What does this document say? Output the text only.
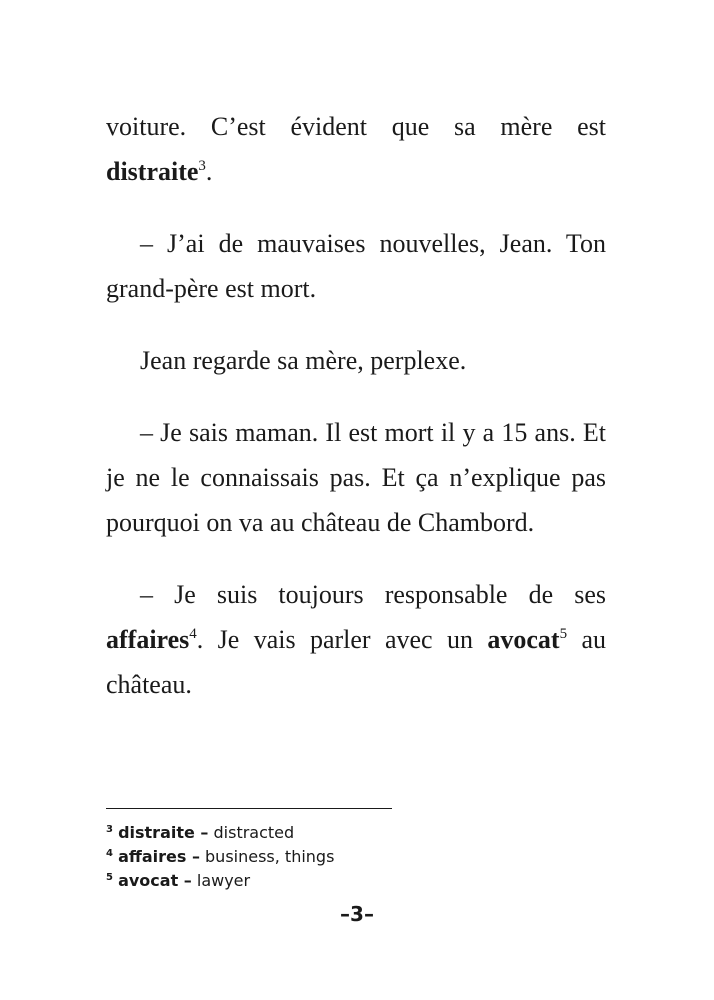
voiture. C’est évident que sa mère est
distraite$^3$.
– J’ai de mauvaises nouvelles, Jean. Ton
grand-père est mort.
Jean regarde sa mère, perplexe.
– Je sais maman. Il est mort il y a 15 ans. Et
je ne le connaissais pas. Et ça n’explique pas
pourquoi on va au château de Chambord.
– Je suis toujours responsable de ses
affaires$^4$. Je vais parler avec un avocat$^5$ au
château.
$^3$ distraite – distracted
$^4$ affaires – business, things
$^5$ avocat – lawyer
–3–
